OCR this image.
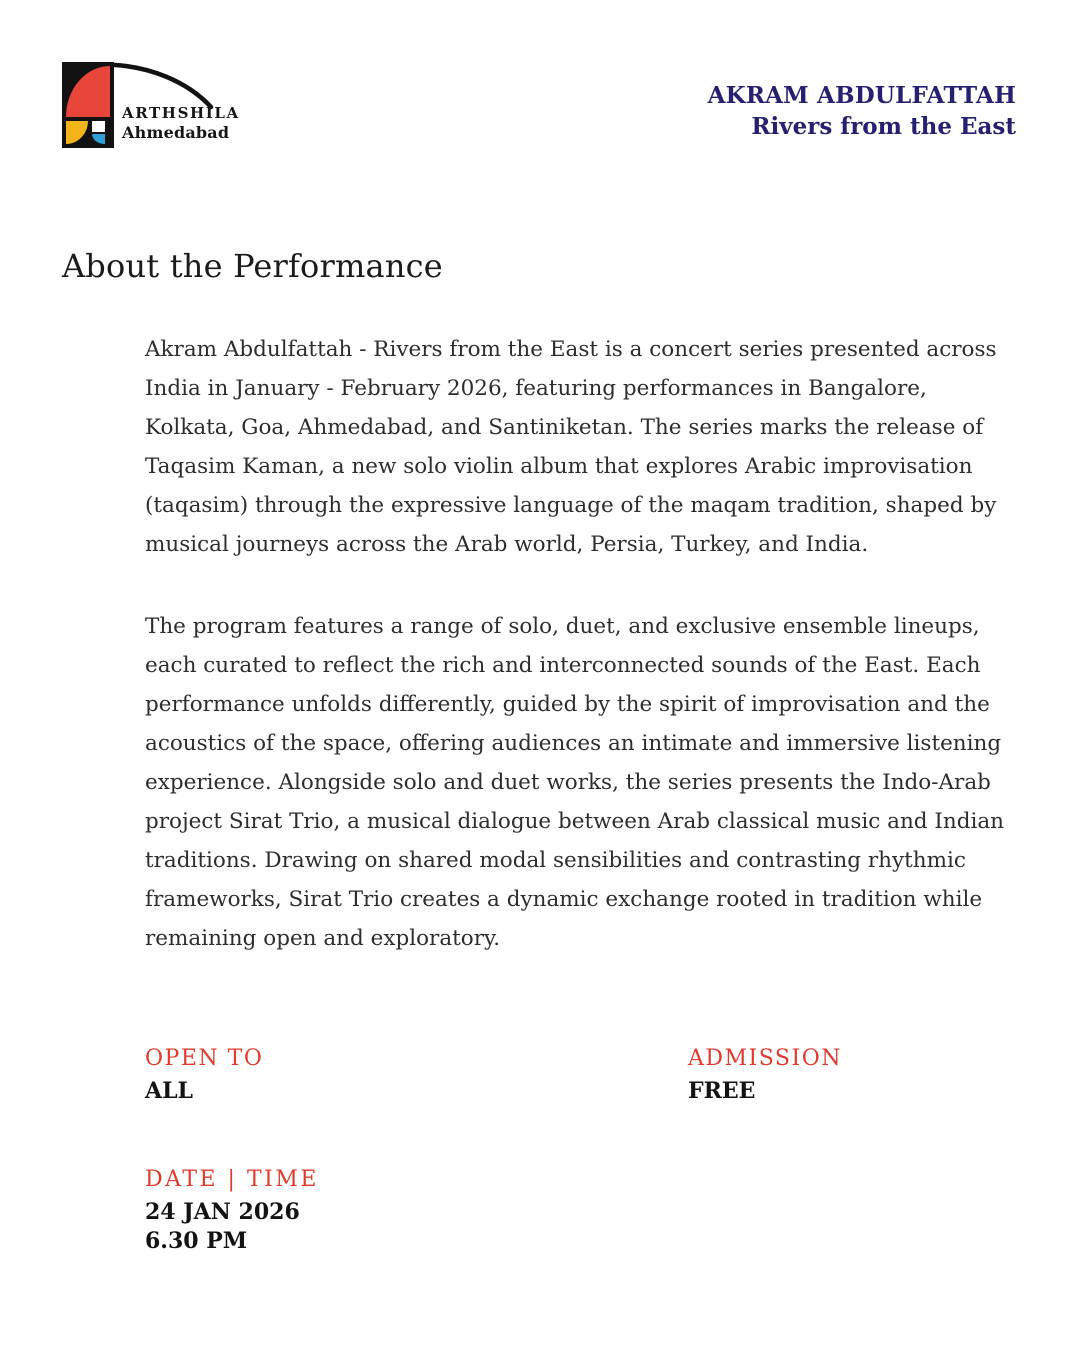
ARTHSHILA
Ahmedabad
AKRAM ABDULFATTAH
Rivers from the East
About the Performance

Akram Abdulfattah - Rivers from the East is a concert series presented across India in January - February 2026, featuring performances in Bangalore, Kolkata, Goa, Ahmedabad, and Santiniketan. The series marks the release of Taqasim Kaman, a new solo violin album that explores Arabic improvisation (taqasim) through the expressive language of the maqam tradition, shaped by musical journeys across the Arab world, Persia, Turkey, and India.

The program features a range of solo, duet, and exclusive ensemble lineups, each curated to reflect the rich and interconnected sounds of the East. Each performance unfolds differently, guided by the spirit of improvisation and the acoustics of the space, offering audiences an intimate and immersive listening experience. Alongside solo and duet works, the series presents the Indo-Arab project Sirat Trio, a musical dialogue between Arab classical music and Indian traditions. Drawing on shared modal sensibilities and contrasting rhythmic frameworks, Sirat Trio creates a dynamic exchange rooted in tradition while remaining open and exploratory.

OPEN TO
ALL
ADMISSION
FREE
DATE | TIME
24 JAN 2026
6.30 PM
